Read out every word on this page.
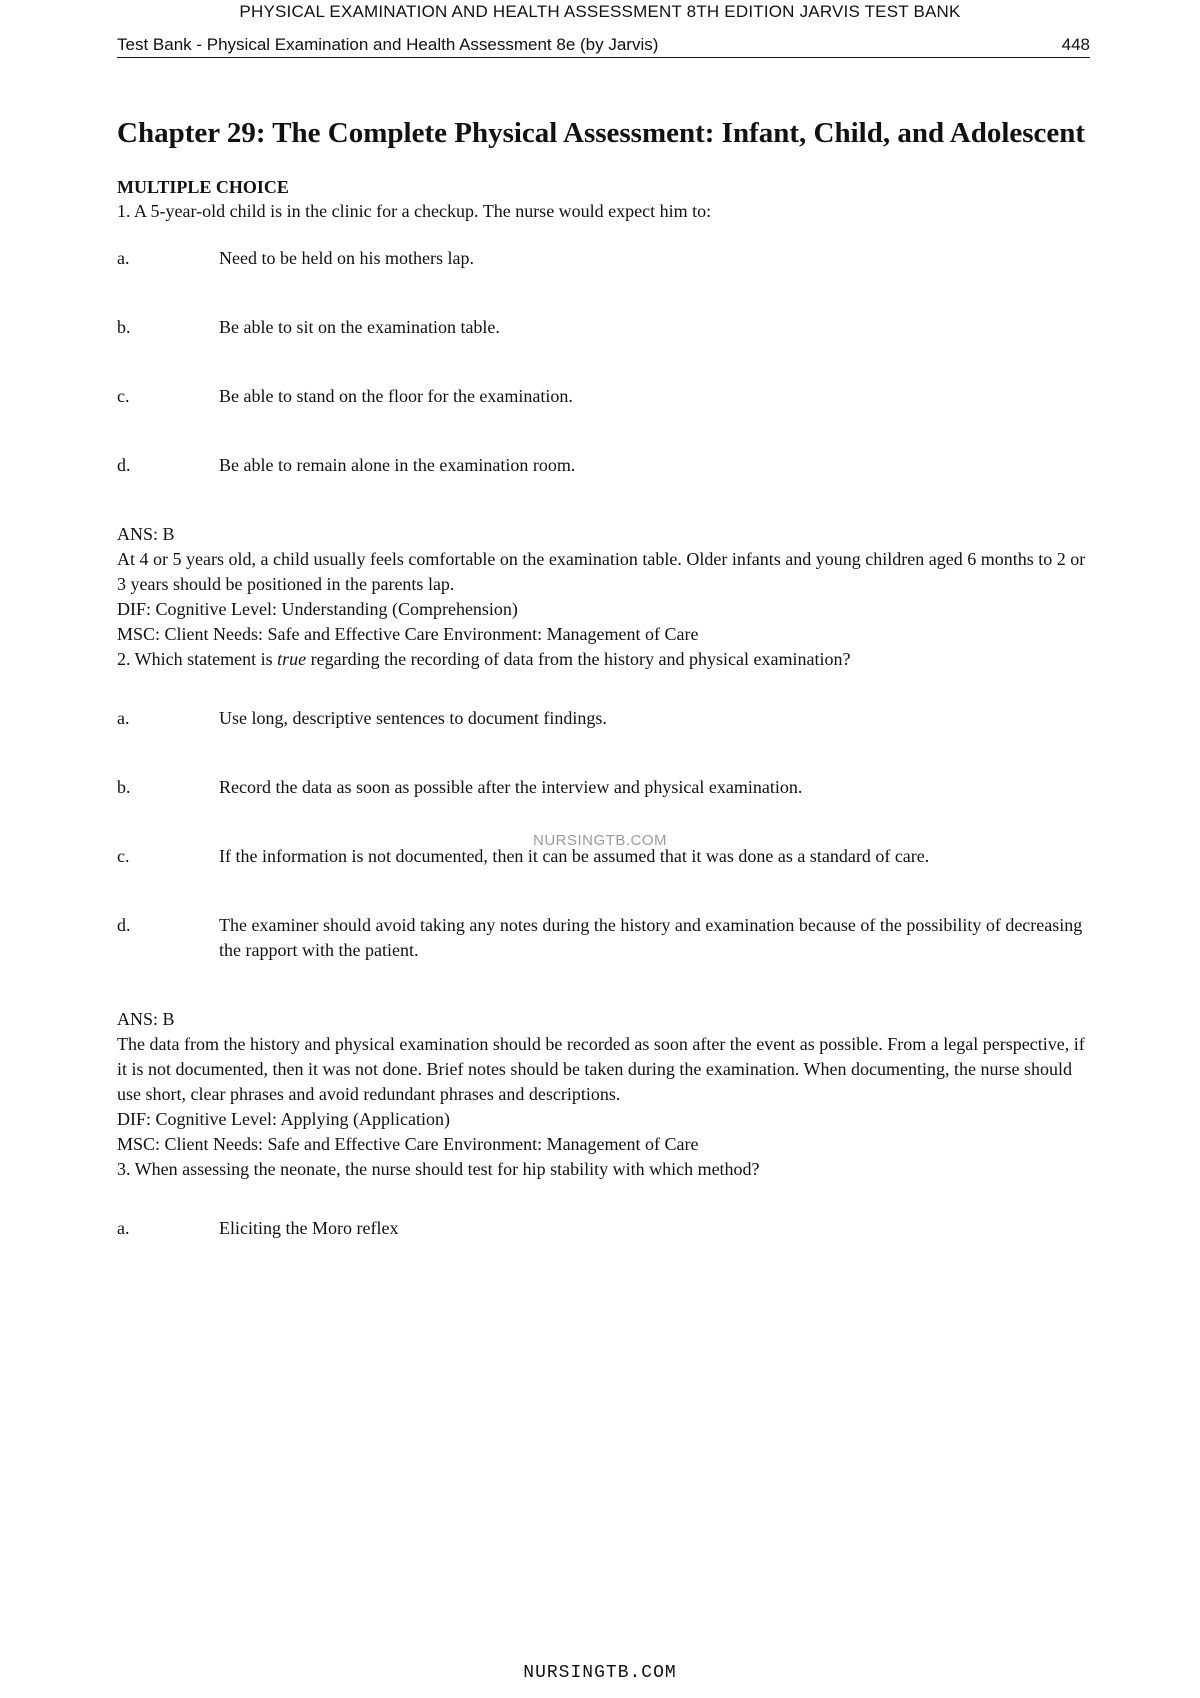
PHYSICAL EXAMINATION AND HEALTH ASSESSMENT 8TH EDITION JARVIS TEST BANK
Test Bank - Physical Examination and Health Assessment 8e (by Jarvis)	448
NURSINGTB.COM
Chapter 29: The Complete Physical Assessment: Infant, Child, and Adolescent
MULTIPLE CHOICE

1. A 5-year-old child is in the clinic for a checkup. The nurse would expect him to:

a.	Need to be held on his mothers lap.
b.	Be able to sit on the examination table.
c.	Be able to stand on the floor for the examination.
d.	Be able to remain alone in the examination room.

ANS: B

At 4 or 5 years old, a child usually feels comfortable on the examination table. Older infants and young children aged 6 months to 2 or 3 years should be positioned in the parents lap.

DIF: Cognitive Level: Understanding (Comprehension)

MSC: Client Needs: Safe and Effective Care Environment: Management of Care

2. Which statement is true regarding the recording of data from the history and physical examination?

a.	Use long, descriptive sentences to document findings.
b.	Record the data as soon as possible after the interview and physical examination.
c.	If the information is not documented, then it can be assumed that it was done as a standard of care.
d.	The examiner should avoid taking any notes during the history and examination because of the possibility of decreasing the rapport with the patient.

ANS: B

The data from the history and physical examination should be recorded as soon after the event as possible. From a legal perspective, if it is not documented, then it was not done. Brief notes should be taken during the examination. When documenting, the nurse should use short, clear phrases and avoid redundant phrases and descriptions.

DIF: Cognitive Level: Applying (Application)

MSC: Client Needs: Safe and Effective Care Environment: Management of Care

3. When assessing the neonate, the nurse should test for hip stability with which method?

a.	Eliciting the Moro reflex
NURSINGTB.COM
